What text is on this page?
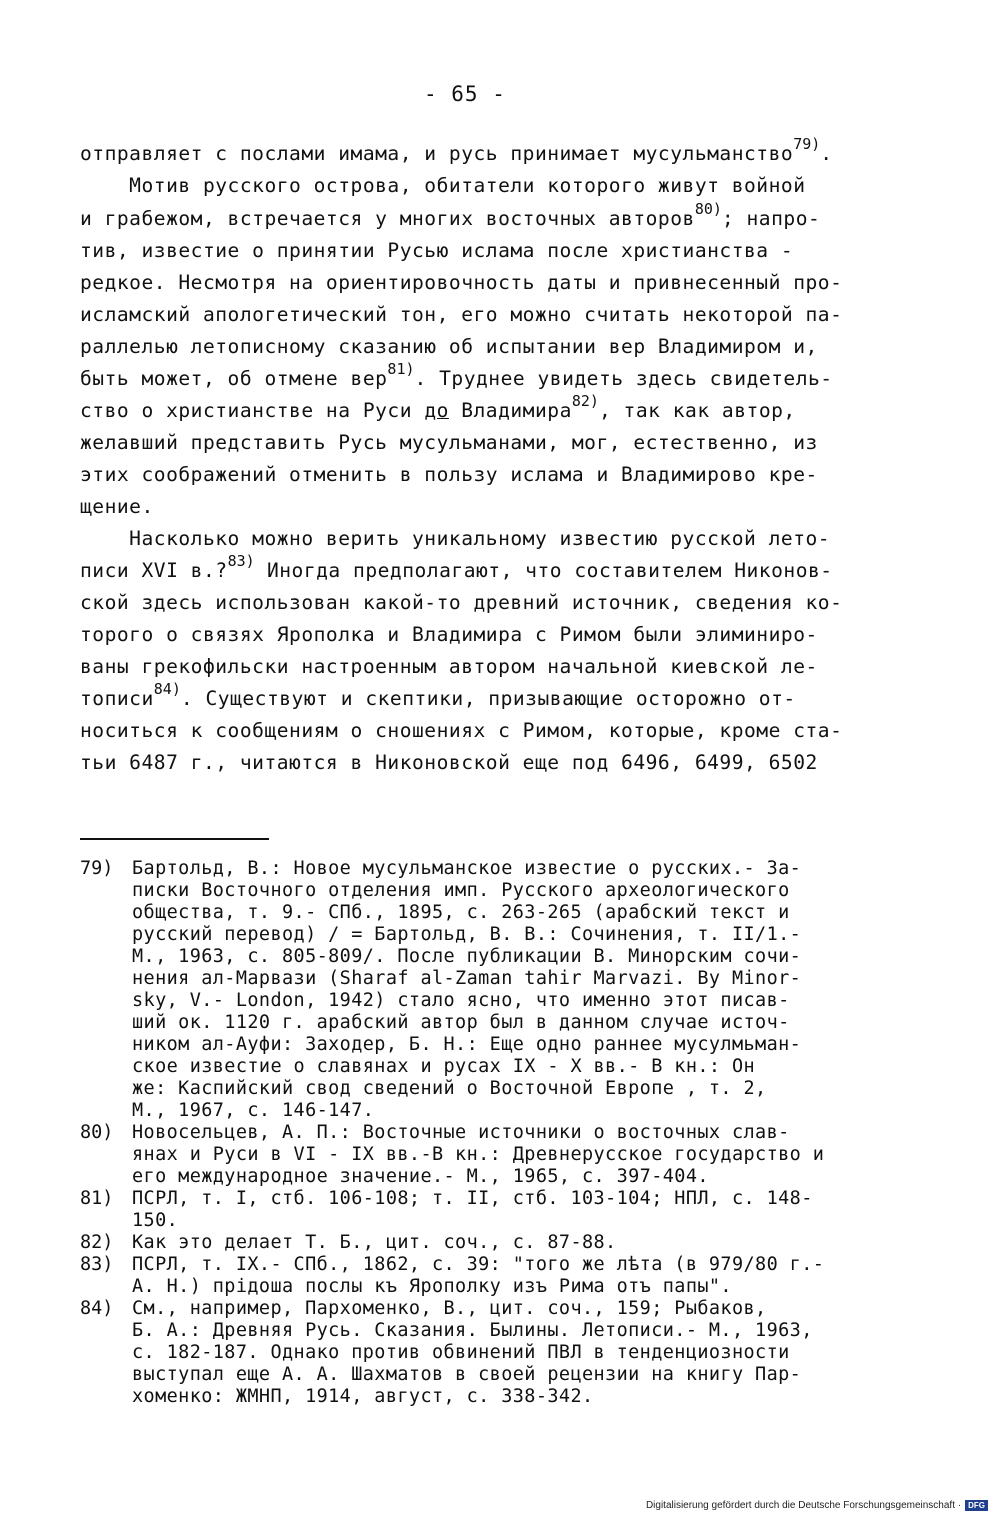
- 65 -
отправляет с послами имама, и русь принимает мусульманство$^{79)}$.
Мотив русского острова, обитатели которого живут войной
и грабежом, встречается у многих восточных авторов$^{80)}$; напро-
тив, известие о принятии Русью ислама после христианства -
редкое. Несмотря на ориентировочность даты и привнесенный про-
исламский апологетический тон, его можно считать некоторой па-
раллелью летописному сказанию об испытании вер Владимиром и,
быть может, об отмене вер$^{81)}$. Труднее увидеть здесь свидетель-
ство о христианстве на Руси до Владимира$^{82)}$, так как автор,
желавший представить Русь мусульманами, мог, естественно, из
этих соображений отменить в пользу ислама и Владимирово кре-
щение.
Насколько можно верить уникальному известию русской лето-
писи XVI в.?$^{83)}$ Иногда предполагают, что составителем Никонов-
ской здесь использован какой-то древний источник, сведения ко-
торого о связях Ярополка и Владимира с Римом были элиминиро-
ваны грекофильски настроенным автором начальной киевской ле-
тописи$^{84)}$. Существуют и скептики, призывающие осторожно от-
носиться к сообщениям о сношениях с Римом, которые, кроме ста-
тьи 6487 г., читаются в Никоновской еще под 6496, 6499, 6502
79) Бартольд, В.: Новое мусульманское известие о русских.- За-
писки Восточного отделения имп. Русского археологического
общества, т. 9.- СПб., 1895, с. 263-265 (арабский текст и
русский перевод) / = Бартольд, В. В.: Сочинения, т. II/1.-
М., 1963, с. 805-809/. После публикации В. Минорским сочи-
нения ал-Марвази (Sharaf al-Zaman tahir Marvazi. By Minor-
sky, V.- London, 1942) стало ясно, что именно этот писав-
ший ок. 1120 г. арабский автор был в данном случае источ-
ником ал-Ауфи: Заходер, Б. Н.: Еще одно раннее мусулмьман-
ское известие о славянах и русах IX - X вв.- В кн.: Он
же: Каспийский свод сведений о Восточной Европе , т. 2,
М., 1967, с. 146-147.
80) Новосельцев, А. П.: Восточные источники о восточных слав-
янах и Руси в VI - IX вв.-В кн.: Древнерусское государство и
его международное значение.- М., 1965, с. 397-404.
81) ПСРЛ, т. I, стб. 106-108; т. II, стб. 103-104; НПЛ, с. 148-
150.
82) Как это делает Т. Б., цит. соч., с. 87-88.
83) ПСРЛ, т. IX.- СПб., 1862, с. 39: "того же лѣта (в 979/80 г.-
А. Н.) прідоша послы къ Ярополку изъ Рима отъ папы".
84) См., например, Пархоменко, В., цит. соч., 159; Рыбаков,
Б. А.: Древняя Русь. Сказания. Былины. Летописи.- М., 1963,
с. 182-187. Однако против обвинений ПВЛ в тенденциозности
выступал еще А. А. Шахматов в своей рецензии на книгу Пар-
хоменко: ЖМНП, 1914, август, с. 338-342.
Digitalisierung gefördert durch die Deutsche Forschungsgemeinschaft · DFG
